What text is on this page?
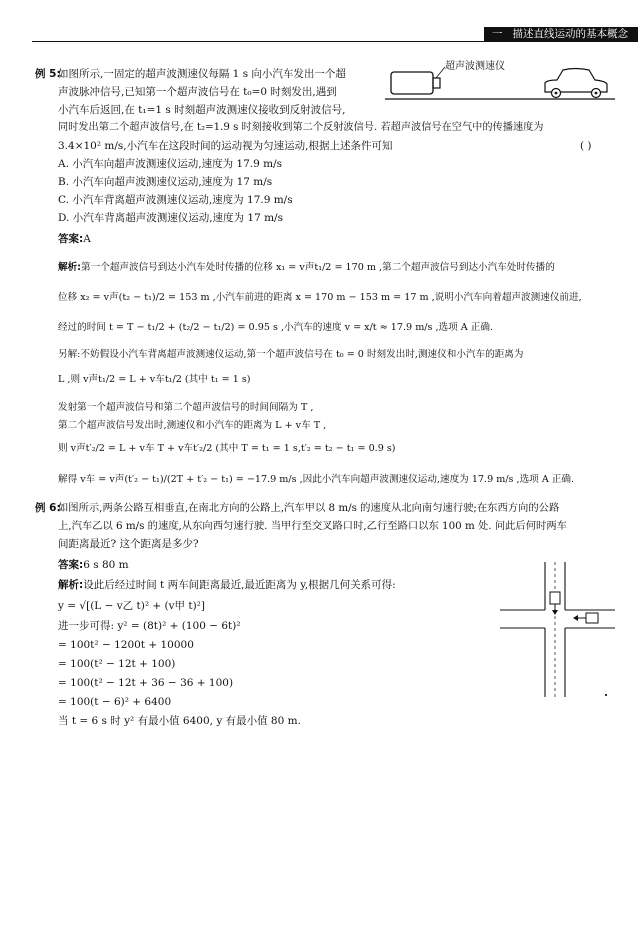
一 描述直线运动的基本概念
例 5:
如图所示,一固定的超声波测速仪每隔 1 s 向小汽车发出一个超
声波脉冲信号,已知第一个超声波信号在 t₀=0 时刻发出,遇到
小汽车后返回,在 t₁=1 s 时刻超声波测速仪接收到反射波信号,
同时发出第二个超声波信号,在 t₂=1.9 s 时刻接收到第二个反射波信号. 若超声波信号在空气中的传播速度为
3.4×10² m/s,小汽车在这段时间的运动视为匀速运动,根据上述条件可知	( )
超声波测速仪
A. 小汽车向超声波测速仪运动,速度为 17.9 m/s
B. 小汽车向超声波测速仪运动,速度为 17 m/s
C. 小汽车背离超声波测速仪运动,速度为 17.9 m/s
D. 小汽车背离超声波测速仪运动,速度为 17 m/s
答案:A
解析:第一个超声波信号到达小汽车处时传播的位移 x₁ = v声t₁/2 = 170 m ,第二个超声波信号到达小汽车处时传播的
位移 x₂ = v声(t₂ − t₁)/2 = 153 m ,小汽车前进的距离 x = 170 m − 153 m = 17 m ,说明小汽车向着超声波测速仪前进,
经过的时间 t = T − t₁/2 + (t₂/2 − t₁/2) = 0.95 s ,小汽车的速度 v = x/t ≈ 17.9 m/s ,选项 A 正确.
另解:不妨假设小汽车背离超声波测速仪运动,第一个超声波信号在 t₀ = 0 时刻发出时,测速仪和小汽车的距离为
L ,则 v声t₁/2 = L + v车t₁/2 (其中 t₁ = 1 s)
发射第一个超声波信号和第二个超声波信号的时间间隔为 T ,
第二个超声波信号发出时,测速仪和小汽车的距离为 L + v车 T ,
则 v声t′₂/2 = L + v车 T + v车t′₂/2 (其中 T = t₁ = 1 s,t′₂ = t₂ − t₁ = 0.9 s)
解得 v车 = v声(t′₂ − t₁)/(2T + t′₂ − t₁) = −17.9 m/s ,因此小汽车向超声波测速仪运动,速度为 17.9 m/s ,选项 A 正确.
例 6:
如图所示,两条公路互相垂直,在南北方向的公路上,汽车甲以 8 m/s 的速度从北向南匀速行驶;在东西方向的公路
上,汽车乙以 6 m/s 的速度,从东向西匀速行驶. 当甲行至交叉路口时,乙行至路口以东 100 m 处. 问此后何时两车
间距离最近? 这个距离是多少?
答案:6 s 80 m
解析:设此后经过时间 t 两车间距离最近,最近距离为 y,根据几何关系可得:
y = √[(L − v乙 t)² + (v甲 t)²]
进一步可得: y² = (8t)² + (100 − 6t)²
= 100t² − 1200t + 10000
= 100(t² − 12t + 100)
= 100(t² − 12t + 36 − 36 + 100)
= 100(t − 6)² + 6400
当 t = 6 s 时 y² 有最小值 6400, y 有最小值 80 m.
